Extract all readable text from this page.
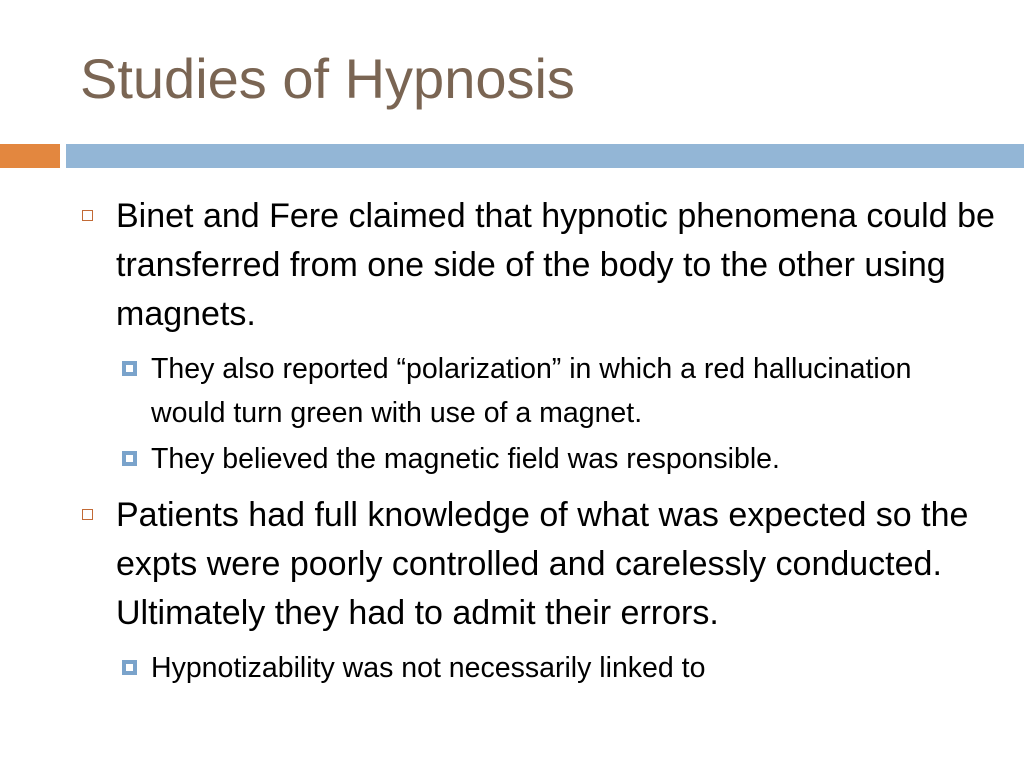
Studies of Hypnosis
Binet and Fere claimed that hypnotic phenomena could be transferred from one side of the body to the other using magnets.
They also reported “polarization” in which a red hallucination would turn green with use of a magnet.
They believed the magnetic field was responsible.
Patients had full knowledge of what was expected so the expts were poorly controlled and carelessly conducted. Ultimately they had to admit their errors.
Hypnotizability was not necessarily linked to
